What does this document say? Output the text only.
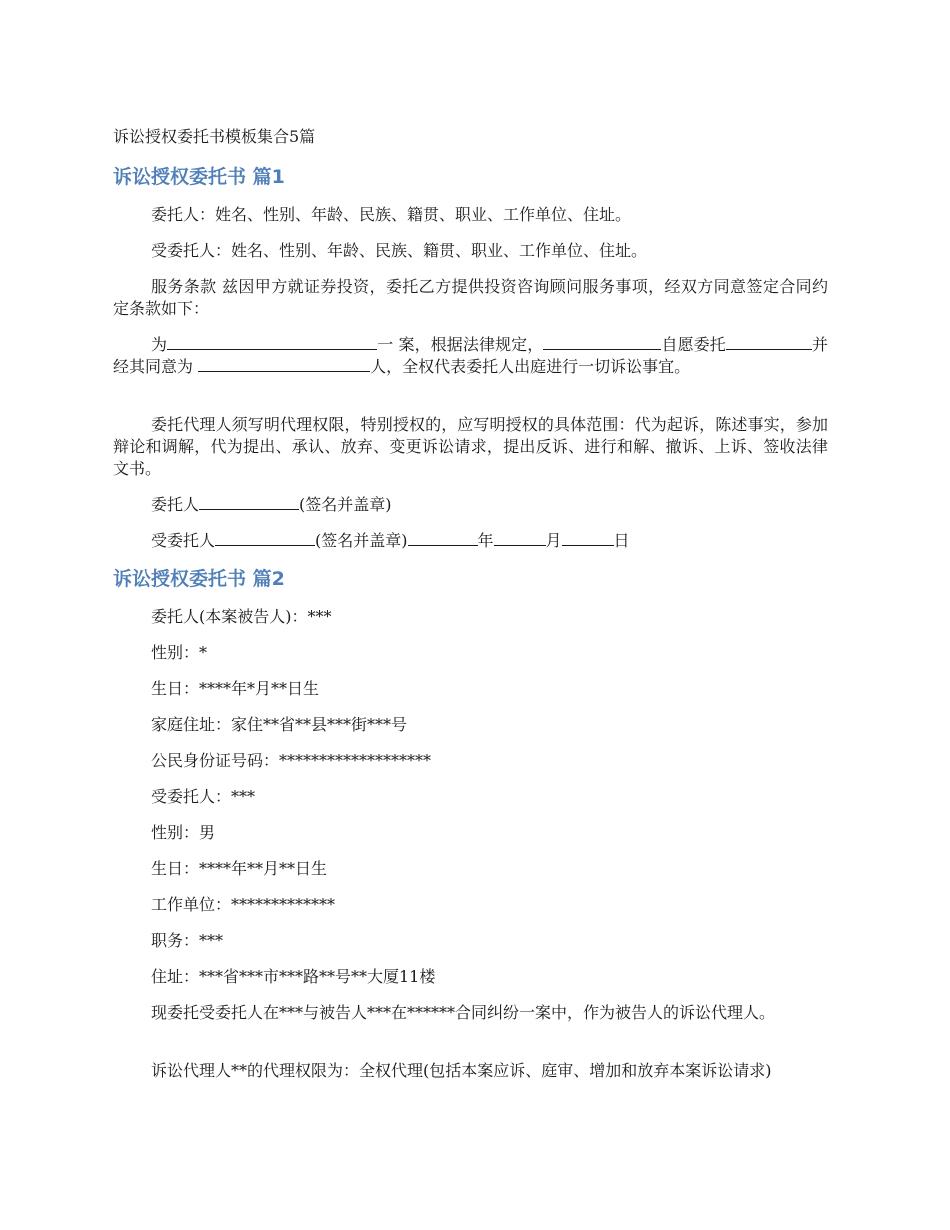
诉讼授权委托书模板集合5篇

诉讼授权委托书 篇1

委托人：姓名、性别、年龄、民族、籍贯、职业、工作单位、住址。

受委托人：姓名、性别、年龄、民族、籍贯、职业、工作单位、住址。

服务条款 兹因甲方就证券投资，委托乙方提供投资咨询顾问服务事项，经双方同意签定合同约定条款如下：

为	一 案，根据法律规定，	自愿委托	并经其同意为	人，全权代表委托人出庭进行一切诉讼事宜。

委托代理人须写明代理权限，特别授权的，应写明授权的具体范围：代为起诉，陈述事实，参加辩论和调解，代为提出、承认、放弃、变更诉讼请求，提出反诉、进行和解、撤诉、上诉、签收法律文书。

委托人	(签名并盖章)

受委托人	(签名并盖章)	年	月	日

诉讼授权委托书 篇2

委托人(本案被告人)：***

性别：*

生日：****年*月**日生

家庭住址：家住**省**县***街***号

公民身份证号码：*******************

受委托人：***

性别：男

生日：****年**月**日生

工作单位：*************

职务：***

住址：***省***市***路**号**大厦11楼

现委托受委托人在***与被告人***在******合同纠纷一案中，作为被告人的诉讼代理人。

诉讼代理人**的代理权限为：全权代理(包括本案应诉、庭审、增加和放弃本案诉讼请求)
